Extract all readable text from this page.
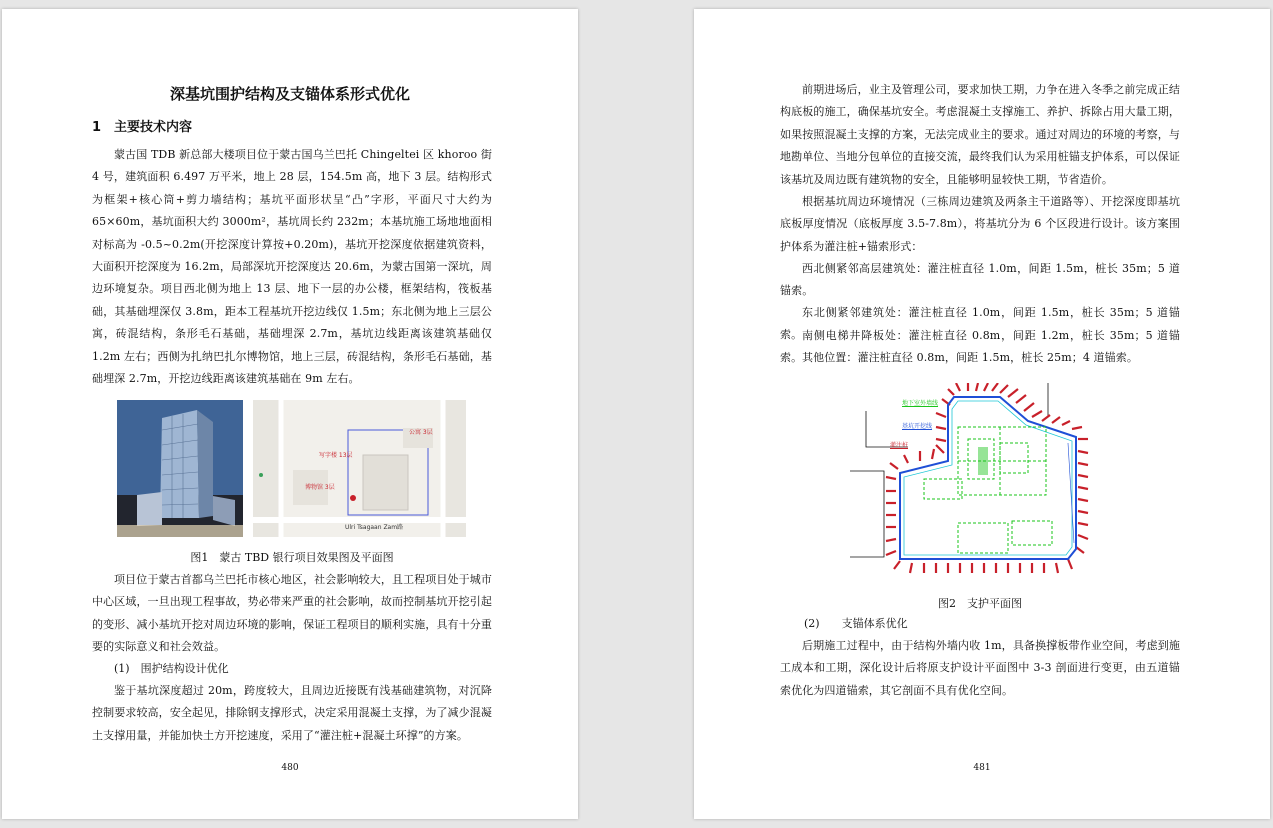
深基坑围护结构及支锚体系形式优化
1　主要技术内容

蒙古国 TDB 新总部大楼项目位于蒙古国乌兰巴托 Chingeltei 区 khoroo 街 4 号，建筑面积 6.497 万平米，地上 28 层，154.5m 高，地下 3 层。结构形式为框架+核心筒+剪力墙结构；基坑平面形状呈“凸”字形，平面尺寸大约为 65×60m，基坑面积大约 3000m²，基坑周长约 232m；本基坑施工场地地面相对标高为 -0.5~0.2m(开挖深度计算按+0.20m)，基坑开挖深度依据建筑资料，大面积开挖深度为 16.2m，局部深坑开挖深度达 20.6m，为蒙古国第一深坑，周边环境复杂。项目西北侧为地上 13 层、地下一层的办公楼，框架结构，筏板基础，其基础埋深仅 3.8m，距本工程基坑开挖边线仅 1.5m；东北侧为地上三层公寓，砖混结构，条形毛石基础，基础埋深 2.7m，基坑边线距离该建筑基础仅 1.2m 左右；西侧为扎纳巴扎尔博物馆，地上三层，砖混结构，条形毛石基础，基础埋深 2.7m，开挖边线距离该建筑基础在 9m 左右。

写字楼 13层
博物馆 3层
公寓 3层
Ulri Tsagaan Zam路
图1　蒙古 TBD 银行项目效果图及平面图

项目位于蒙古首都乌兰巴托市核心地区，社会影响较大，且工程项目处于城市中心区域，一旦出现工程事故，势必带来严重的社会影响，故而控制基坑开挖引起的变形、减小基坑开挖对周边环境的影响，保证工程项目的顺利实施，具有十分重要的实际意义和社会效益。

(1)　围护结构设计优化

鉴于基坑深度超过 20m，跨度较大，且周边近接既有浅基础建筑物，对沉降控制要求较高，安全起见，排除钢支撑形式，决定采用混凝土支撑，为了减少混凝土支撑用量，并能加快土方开挖速度，采用了“灌注桩+混凝土环撑”的方案。

480

前期进场后，业主及管理公司，要求加快工期，力争在进入冬季之前完成正结构底板的施工，确保基坑安全。考虑混凝土支撑施工、养护、拆除占用大量工期，如果按照混凝土支撑的方案，无法完成业主的要求。通过对周边的环境的考察，与地勘单位、当地分包单位的直接交流，最终我们认为采用桩锚支护体系，可以保证该基坑及周边既有建筑物的安全，且能够明显较快工期，节省造价。

根据基坑周边环境情况（三栋周边建筑及两条主干道路等）、开挖深度即基坑底板厚度情况（底板厚度 3.5-7.8m），将基坑分为 6 个区段进行设计。该方案围护体系为灌注桩+锚索形式：

西北侧紧邻高层建筑处：灌注桩直径 1.0m，间距 1.5m，桩长 35m；5 道锚索。

东北侧紧邻建筑处：灌注桩直径 1.0m，间距 1.5m，桩长 35m；5 道锚索。 南侧电梯井降板处：灌注桩直径 0.8m，间距 1.2m，桩长 35m；5 道锚索。 其他位置：灌注桩直径 0.8m，间距 1.5m，桩长 25m；4 道锚索。

地下室外墙线
基坑开挖线
灌注桩
图2　支护平面图
(2)　　支锚体系优化

后期施工过程中，由于结构外墙内收 1m，具备换撑板带作业空间，考虑到施工成本和工期，深化设计后将原支护设计平面图中 3-3 剖面进行变更，由五道锚索优化为四道锚索，其它剖面不具有优化空间。

481
